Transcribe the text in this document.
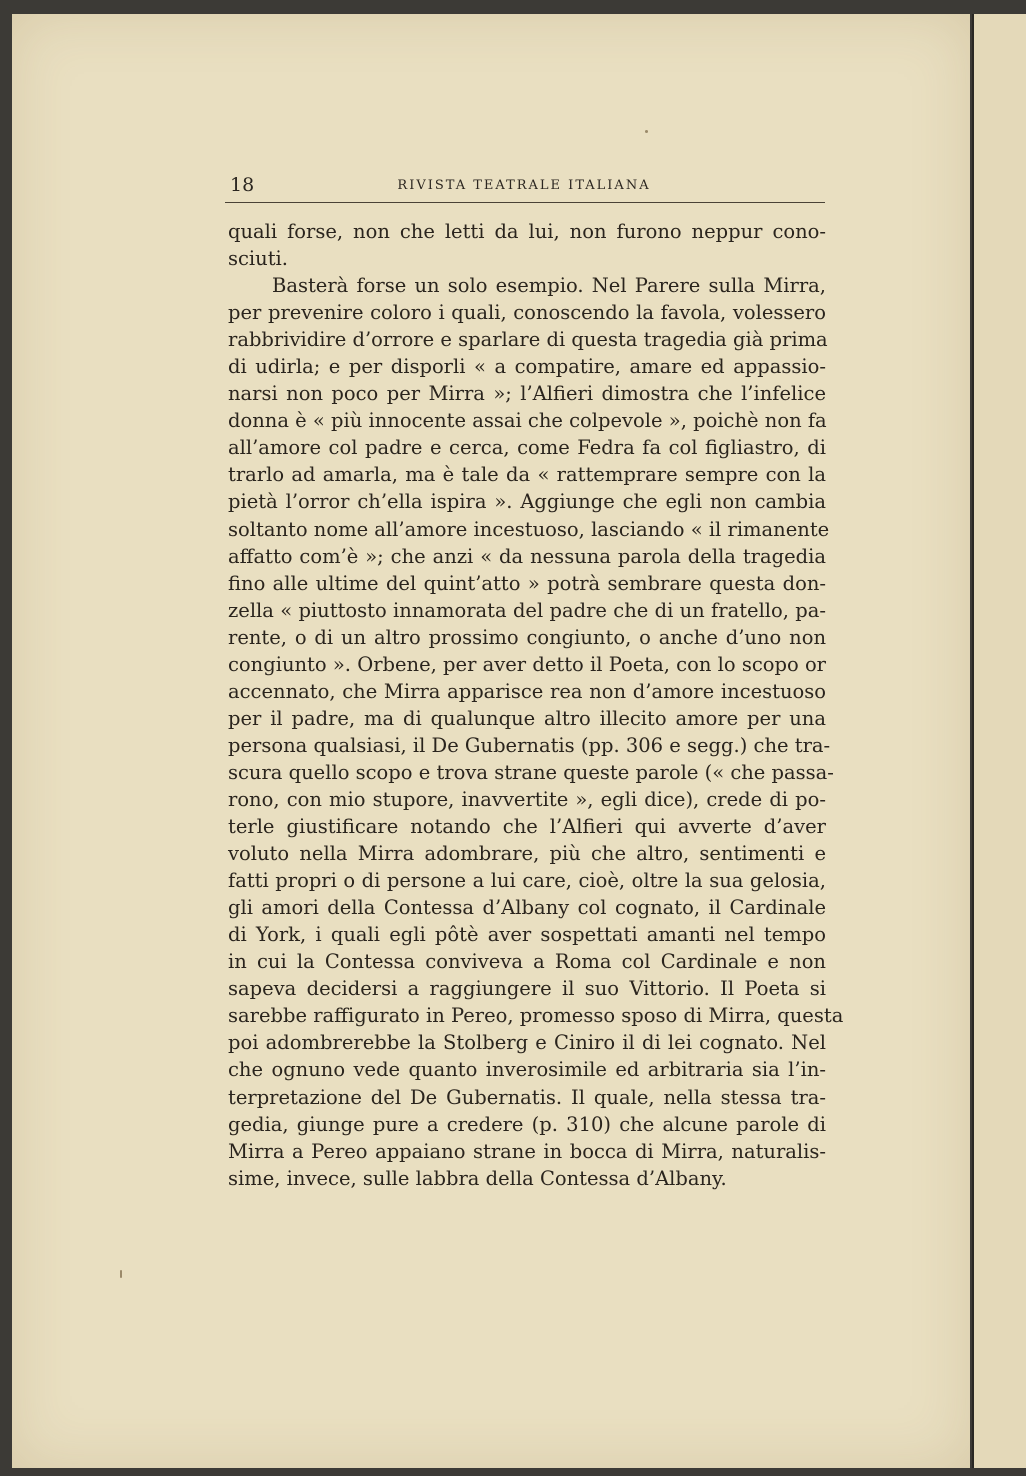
18	RIVISTA TEATRALE ITALIANA
quali forse, non che letti da lui, non furono neppur cono-
sciuti.
Basterà forse un solo esempio. Nel Parere sulla Mirra,
per prevenire coloro i quali, conoscendo la favola, volessero
rabbrividire d’orrore e sparlare di questa tragedia già prima
di udirla; e per disporli « a compatire, amare ed appassio-
narsi non poco per Mirra »; l’Alfieri dimostra che l’infelice
donna è « più innocente assai che colpevole », poichè non fa
all’amore col padre e cerca, come Fedra fa col figliastro, di
trarlo ad amarla, ma è tale da « rattemprare sempre con la
pietà l’orror ch’ella ispira ». Aggiunge che egli non cambia
soltanto nome all’amore incestuoso, lasciando « il rimanente
affatto com’è »; che anzi « da nessuna parola della tragedia
fino alle ultime del quint’atto » potrà sembrare questa don-
zella « piuttosto innamorata del padre che di un fratello, pa-
rente, o di un altro prossimo congiunto, o anche d’uno non
congiunto ». Orbene, per aver detto il Poeta, con lo scopo or
accennato, che Mirra apparisce rea non d’amore incestuoso
per il padre, ma di qualunque altro illecito amore per una
persona qualsiasi, il De Gubernatis (pp. 306 e segg.) che tra-
scura quello scopo e trova strane queste parole (« che passa-
rono, con mio stupore, inavvertite », egli dice), crede di po-
terle giustificare notando che l’Alfieri qui avverte d’aver
voluto nella Mirra adombrare, più che altro, sentimenti e
fatti propri o di persone a lui care, cioè, oltre la sua gelosia,
gli amori della Contessa d’Albany col cognato, il Cardinale
di York, i quali egli pôtè aver sospettati amanti nel tempo
in cui la Contessa conviveva a Roma col Cardinale e non
sapeva decidersi a raggiungere il suo Vittorio. Il Poeta si
sarebbe raffigurato in Pereo, promesso sposo di Mirra, questa
poi adombrerebbe la Stolberg e Ciniro il di lei cognato. Nel
che ognuno vede quanto inverosimile ed arbitraria sia l’in-
terpretazione del De Gubernatis. Il quale, nella stessa tra-
gedia, giunge pure a credere (p. 310) che alcune parole di
Mirra a Pereo appaiano strane in bocca di Mirra, naturalis-
sime, invece, sulle labbra della Contessa d’Albany.
